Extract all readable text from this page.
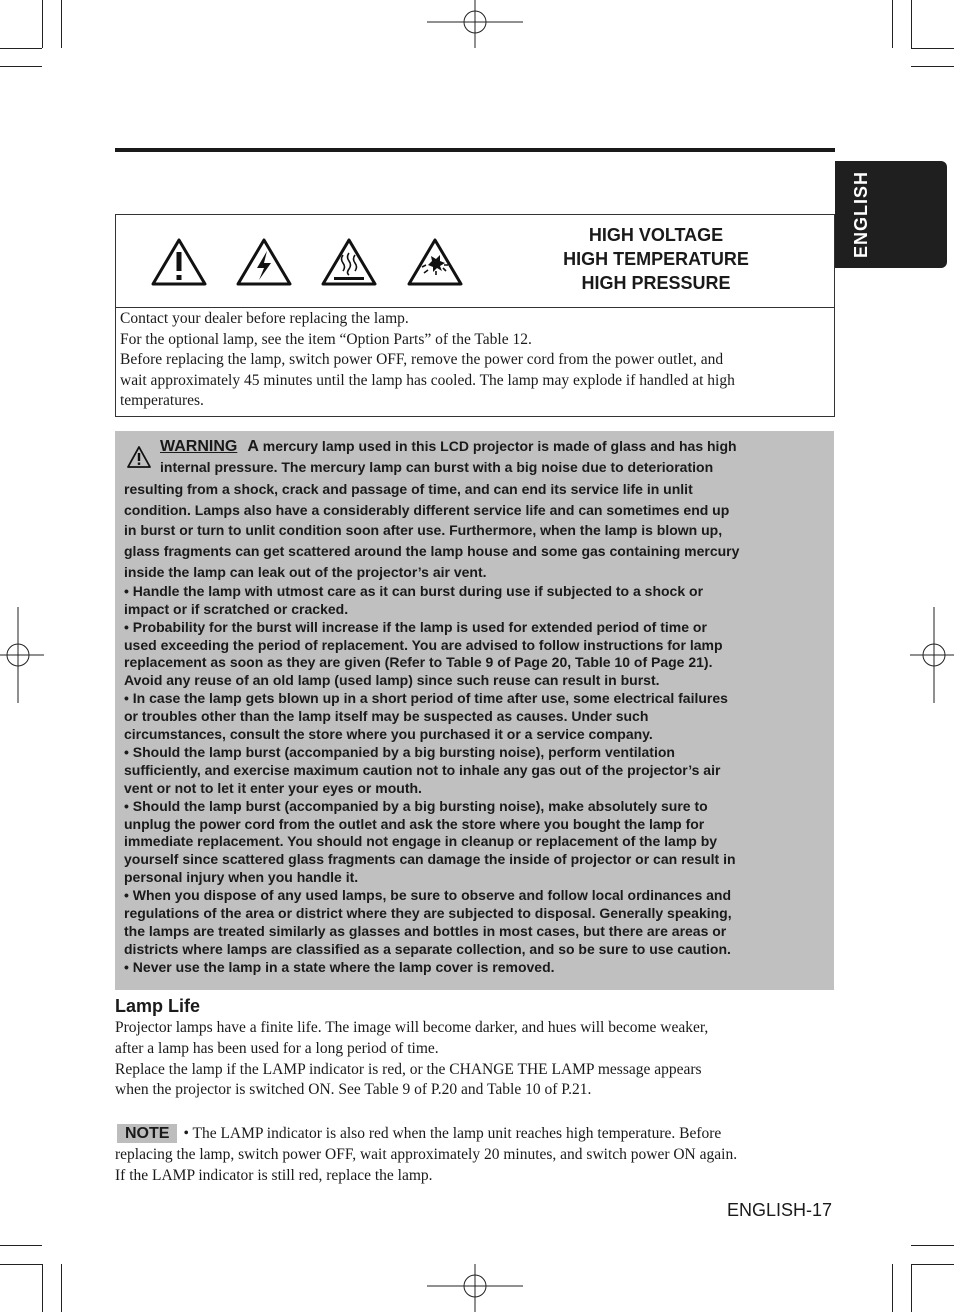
ENGLISH
HIGH VOLTAGE
HIGH TEMPERATURE
HIGH PRESSURE
Contact your dealer before replacing the lamp.
For the optional lamp, see the item “Option Parts” of the Table 12.
Before replacing the lamp, switch power OFF, remove the power cord from the power outlet, and
wait approximately 45 minutes until the lamp has cooled. The lamp may explode if handled at high
temperatures.
WARNING A mercury lamp used in this LCD projector is made of glass and has high
internal pressure. The mercury lamp can burst with a big noise due to deterioration
resulting from a shock, crack and passage of time, and can end its service life in unlit
condition. Lamps also have a considerably different service life and can sometimes end up
in burst or turn to unlit condition soon after use. Furthermore, when the lamp is blown up,
glass fragments can get scattered around the lamp house and some gas containing mercury
inside the lamp can leak out of the projector’s air vent.
• Handle the lamp with utmost care as it can burst during use if subjected to a shock or
impact or if scratched or cracked.
• Probability for the burst will increase if the lamp is used for extended period of time or
used exceeding the period of replacement. You are advised to follow instructions for lamp
replacement as soon as they are given (Refer to Table 9 of Page 20, Table 10 of Page 21).
Avoid any reuse of an old lamp (used lamp) since such reuse can result in burst.
• In case the lamp gets blown up in a short period of time after use, some electrical failures
or troubles other than the lamp itself may be suspected as causes. Under such
circumstances, consult the store where you purchased it or a service company.
• Should the lamp burst (accompanied by a big bursting noise), perform ventilation
sufficiently, and exercise maximum caution not to inhale any gas out of the projector’s air
vent or not to let it enter your eyes or mouth.
• Should the lamp burst (accompanied by a big bursting noise), make absolutely sure to
unplug the power cord from the outlet and ask the store where you bought the lamp for
immediate replacement. You should not engage in cleanup or replacement of the lamp by
yourself since scattered glass fragments can damage the inside of projector or can result in
personal injury when you handle it.
• When you dispose of any used lamps, be sure to observe and follow local ordinances and
regulations of the area or district where they are subjected to disposal. Generally speaking,
the lamps are treated similarly as glasses and bottles in most cases, but there are areas or
districts where lamps are classified as a separate collection, and so be sure to use caution.
• Never use the lamp in a state where the lamp cover is removed.
Lamp Life
Projector lamps have a finite life. The image will become darker, and hues will become weaker,
after a lamp has been used for a long period of time.
Replace the lamp if the LAMP indicator is red, or the CHANGE THE LAMP message appears
when the projector is switched ON. See Table 9 of P.20 and Table 10 of P.21.
NOTE • The LAMP indicator is also red when the lamp unit reaches high temperature. Before
replacing the lamp, switch power OFF, wait approximately 20 minutes, and switch power ON again.
If the LAMP indicator is still red, replace the lamp.
ENGLISH-17
